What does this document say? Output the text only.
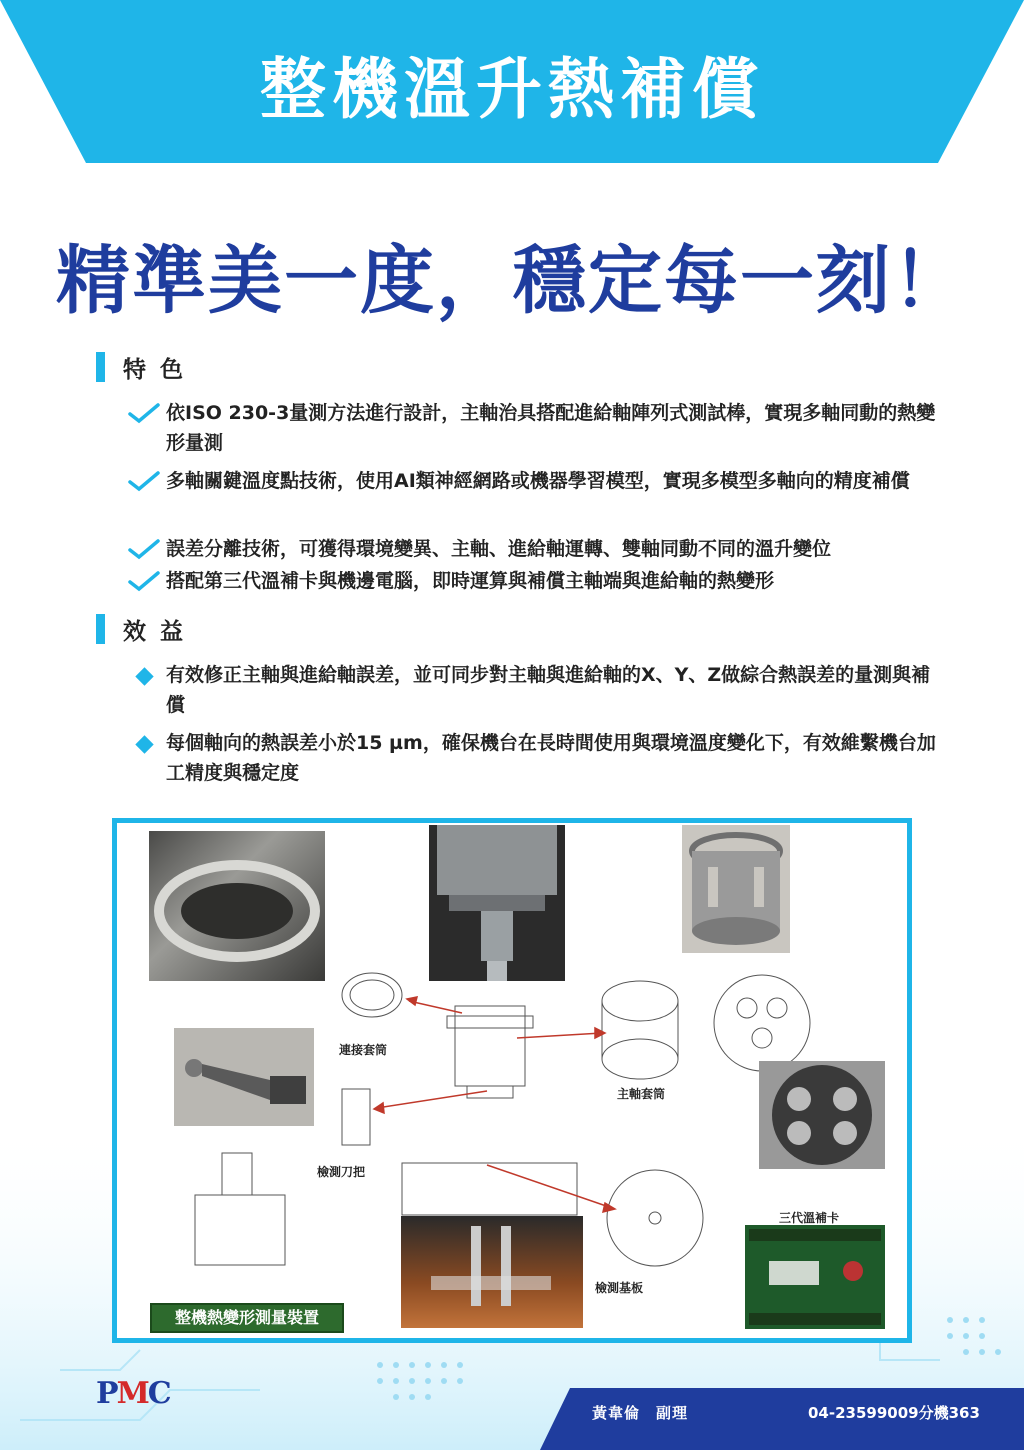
整機溫升熱補償
精準美一度，穩定每一刻！
特色
依ISO 230-3量測方法進行設計，主軸治具搭配進給軸陣列式測試棒，實現多軸同動的熱變形量測
多軸關鍵溫度點技術，使用AI類神經網路或機器學習模型，實現多模型多軸向的精度補償
誤差分離技術，可獲得環境變異、主軸、進給軸運轉、雙軸同動不同的溫升變位
搭配第三代溫補卡與機邊電腦，即時運算與補償主軸端與進給軸的熱變形
效益
有效修正主軸與進給軸誤差，並可同步對主軸與進給軸的X、Y、Z做綜合熱誤差的量測與補償
每個軸向的熱誤差小於15 µm，確保機台在長時間使用與環境溫度變化下，有效維繫機台加工精度與穩定度
連接套筒
主軸套筒
檢測刀把
檢測基板
三代溫補卡
整機熱變形測量裝置
PMC
黃韋倫　副理	04-23599009分機363
